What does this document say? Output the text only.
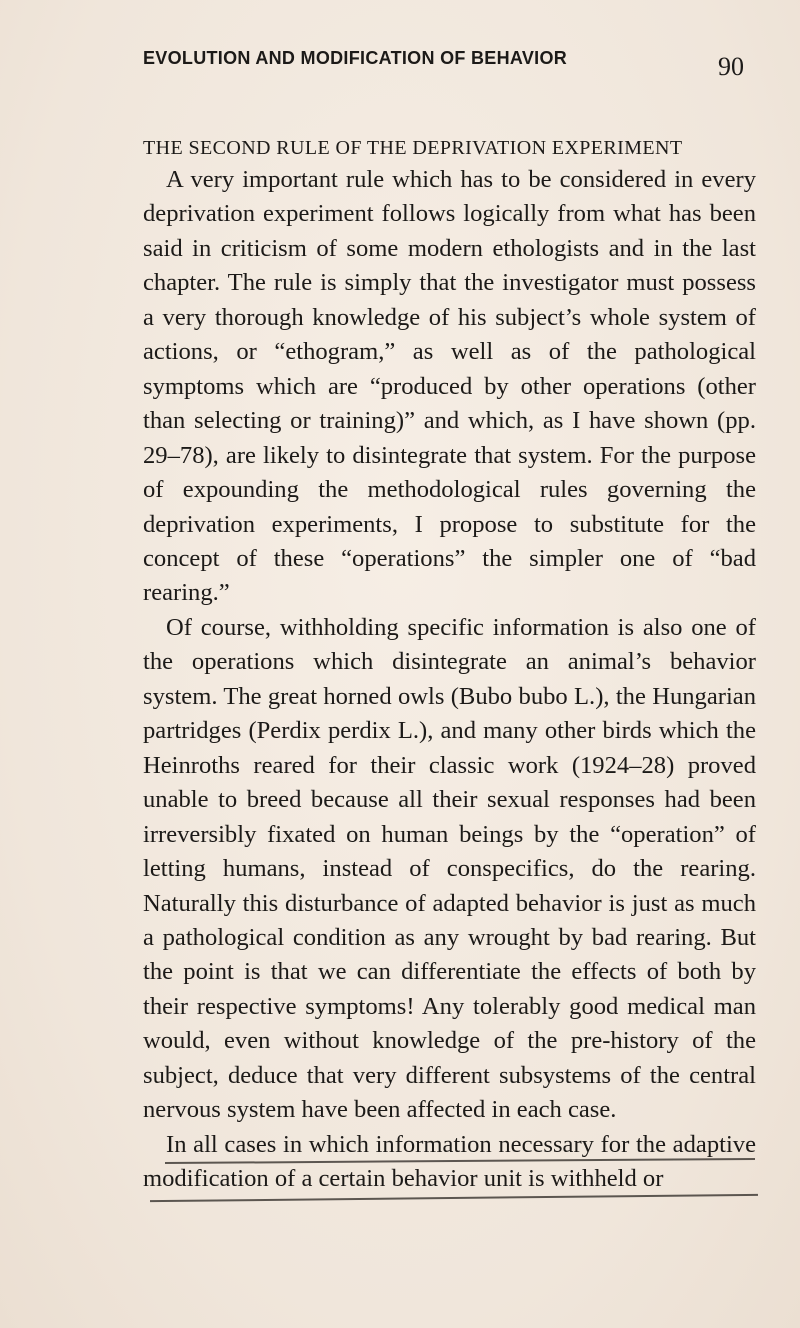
EVOLUTION AND MODIFICATION OF BEHAVIOR	90
THE SECOND RULE OF THE DEPRIVATION EXPERIMENT

A very important rule which has to be considered in every deprivation experiment follows logically from what has been said in criticism of some modern ethologists and in the last chapter. The rule is simply that the investigator must possess a very thorough knowledge of his subject’s whole system of actions, or “ethogram,” as well as of the pathological symptoms which are “produced by other operations (other than selecting or training)” and which, as I have shown (pp. 29–78), are likely to disintegrate that system. For the purpose of expounding the methodological rules governing the deprivation experiments, I propose to substitute for the concept of these “operations” the simpler one of “bad rearing.”

Of course, withholding specific information is also one of the operations which disintegrate an animal’s behavior system. The great horned owls (Bubo bubo L.), the Hungarian partridges (Perdix perdix L.), and many other birds which the Heinroths reared for their classic work (1924–28) proved unable to breed because all their sexual responses had been irreversibly fixated on human beings by the “operation” of letting humans, instead of conspecifics, do the rearing. Naturally this disturbance of adapted behavior is just as much a pathological condition as any wrought by bad rearing. But the point is that we can differentiate the effects of both by their respective symptoms! Any tolerably good medical man would, even without knowledge of the pre-history of the subject, deduce that very different subsystems of the central nervous system have been affected in each case.

In all cases in which information necessary for the adaptive modification of a certain behavior unit is withheld or
